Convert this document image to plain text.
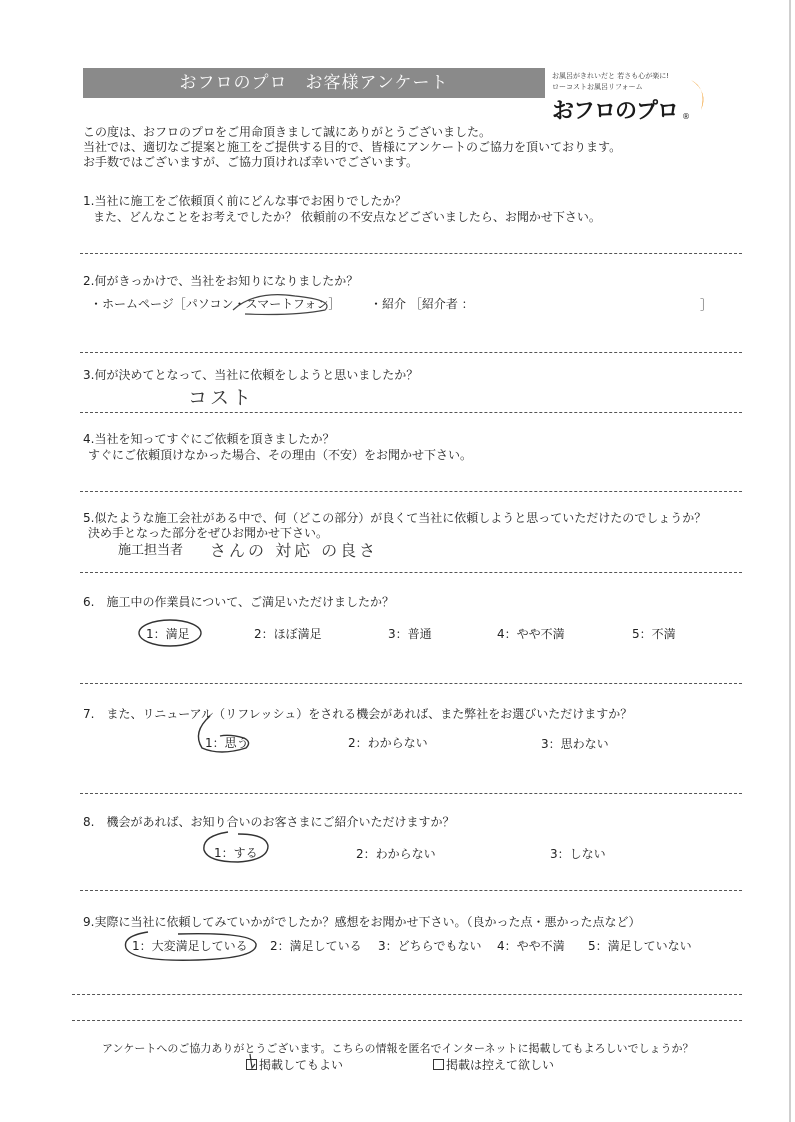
おフロのプロ　お客様アンケート	お風呂がきれいだと 若さも心が楽に!
ローコストお風呂リフォーム
おフロのプロ ®
この度は、おフロのプロをご用命頂きまして誠にありがとうございました。
当社では、適切なご提案と施工をご提供する目的で、皆様にアンケートのご協力を頂いております。
お手数ではございますが、ご協力頂ければ幸いでございます。
1.当社に施工をご依頼頂く前にどんな事でお困りでしたか？
また、どんなことをお考えでしたか？ 依頼前の不安点などございましたら、お聞かせ下さい。
2.何がきっかけで、当社をお知りになりましたか？
・ホームページ［パソコン・スマートフォン］ ・紹介 ［紹介者 ：	］
3.何が決めてとなって、当社に依頼をしようと思いましたか？
コスト
4.当社を知ってすぐにご依頼を頂きましたか？
すぐにご依頼頂けなかった場合、その理由（不安）をお聞かせ下さい。
5.似たような施工会社がある中で、何（どこの部分）が良くて当社に依頼しようと思っていただけたのでしょうか？
決め手となった部分をぜひお聞かせ下さい。
施工担当者 さんの 対応 の良さ
6.　施工中の作業員について、ご満足いただけましたか？
1：満足	2：ほぼ満足	3：普通	4：やや不満	5：不満
7.　また、リニューアル（リフレッシュ）をされる機会があれば、また弊社をお選びいただけますか？
1：思う	2：わからない	3：思わない
8.　機会があれば、お知り合いのお客さまにご紹介いただけますか？
1：する	2：わからない	3：しない
9.実際に当社に依頼してみていかがでしたか？感想をお聞かせ下さい。（良かった点・悪かった点など）
1：大変満足している 2：満足している 3：どちらでもない 4：やや不満 5：満足していない
アンケートへのご協力ありがとうございます。こちらの情報を匿名でインターネットに掲載してもよろしいでしょうか？
掲載してもよい	掲載は控えて欲しい
